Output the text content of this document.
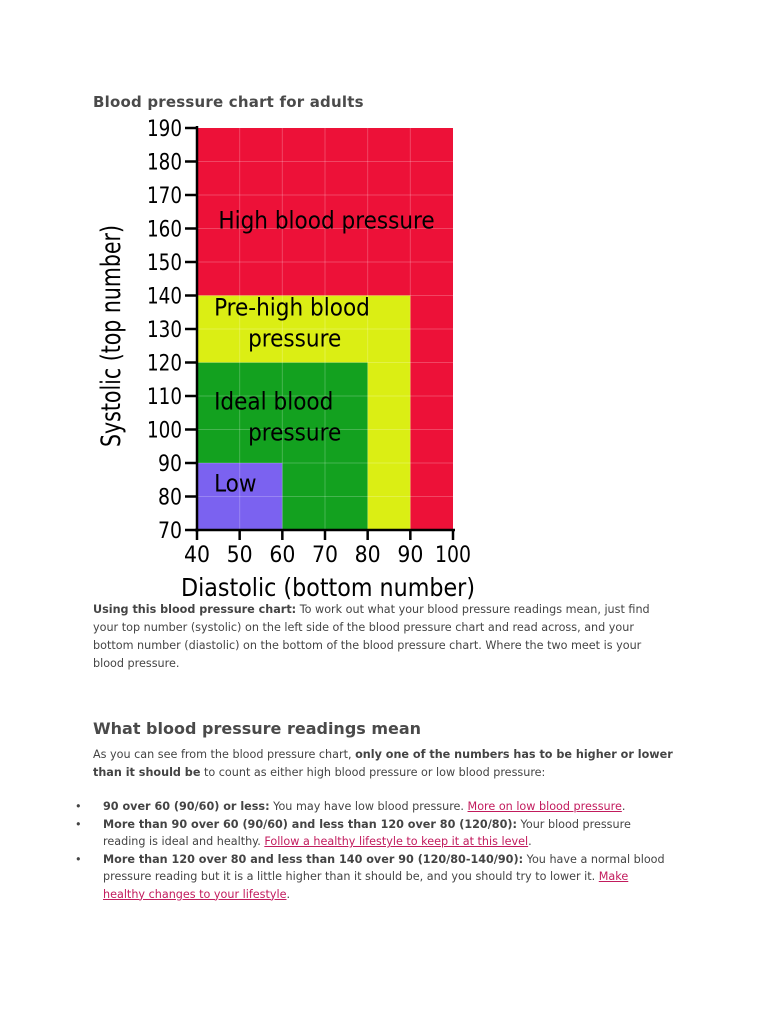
Blood pressure chart for adults
70
80
90
100
110
120
130
140
150
160
170
180
190
40 50 60 70 80 90 100
High blood pressure
Pre-high blood
pressure
Ideal blood
pressure
Low
Diastolic (bottom number)
Systolic (top number)

Using this blood pressure chart: To work out what your blood pressure readings mean, just find your top number (systolic) on the left side of the blood pressure chart and read across, and your bottom number (diastolic) on the bottom of the blood pressure chart. Where the two meet is your blood pressure.

What blood pressure readings mean

As you can see from the blood pressure chart, only one of the numbers has to be higher or lower than it should be to count as either high blood pressure or low blood pressure:

• 90 over 60 (90/60) or less: You may have low blood pressure. More on low blood pressure.
• More than 90 over 60 (90/60) and less than 120 over 80 (120/80): Your blood pressure reading is ideal and healthy. Follow a healthy lifestyle to keep it at this level.
• More than 120 over 80 and less than 140 over 90 (120/80-140/90): You have a normal blood pressure reading but it is a little higher than it should be, and you should try to lower it. Make healthy changes to your lifestyle.
